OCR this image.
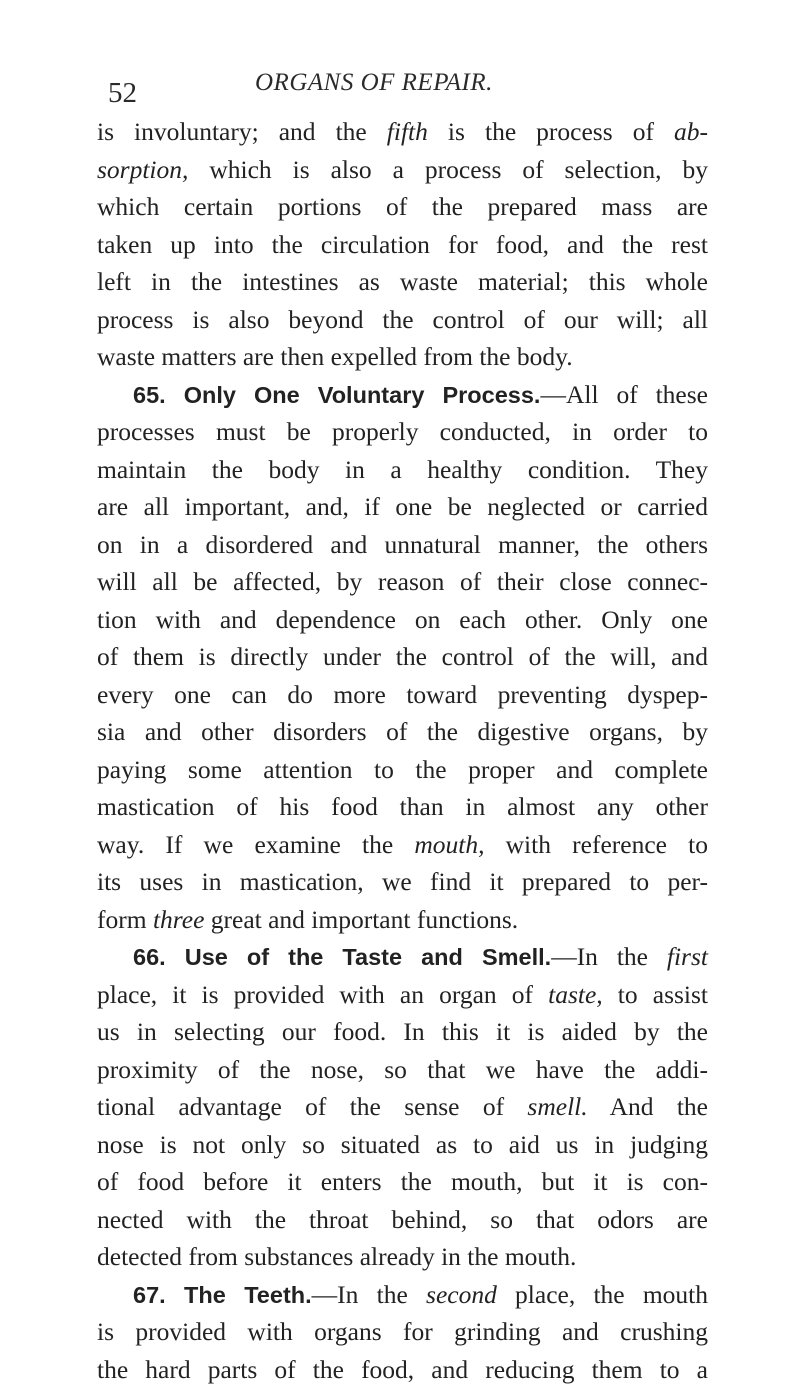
52	ORGANS OF REPAIR.
is involuntary; and the fifth is the process of ab-
sorption, which is also a process of selection, by
which certain portions of the prepared mass are
taken up into the circulation for food, and the rest
left in the intestines as waste material; this whole
process is also beyond the control of our will; all
waste matters are then expelled from the body.
65. Only One Voluntary Process.—All of these
processes must be properly conducted, in order to
maintain the body in a healthy condition. They
are all important, and, if one be neglected or carried
on in a disordered and unnatural manner, the others
will all be affected, by reason of their close connec-
tion with and dependence on each other. Only one
of them is directly under the control of the will, and
every one can do more toward preventing dyspep-
sia and other disorders of the digestive organs, by
paying some attention to the proper and complete
mastication of his food than in almost any other
way. If we examine the mouth, with reference to
its uses in mastication, we find it prepared to per-
form three great and important functions.
66. Use of the Taste and Smell.—In the first
place, it is provided with an organ of taste, to assist
us in selecting our food. In this it is aided by the
proximity of the nose, so that we have the addi-
tional advantage of the sense of smell. And the
nose is not only so situated as to aid us in judging
of food before it enters the mouth, but it is con-
nected with the throat behind, so that odors are
detected from substances already in the mouth.
67. The Teeth.—In the second place, the mouth
is provided with organs for grinding and crushing
the hard parts of the food, and reducing them to a
